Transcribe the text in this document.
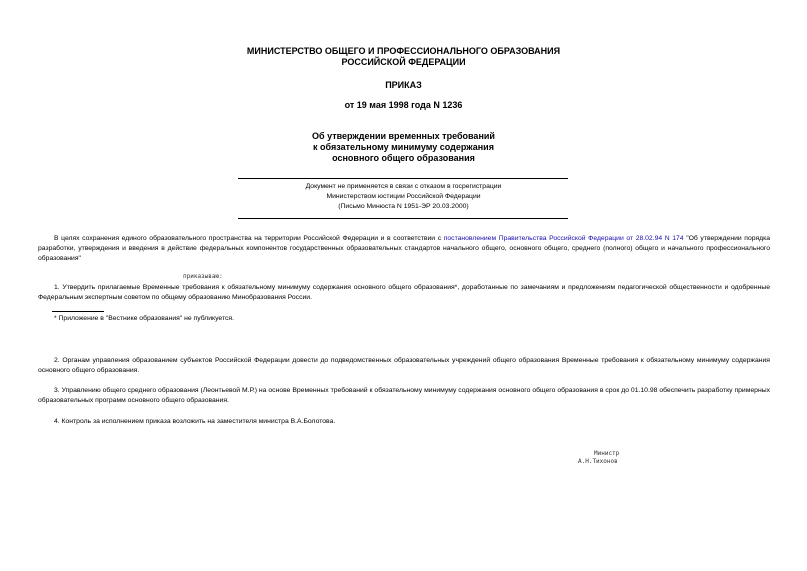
МИНИСТЕРСТВО ОБЩЕГО И ПРОФЕССИОНАЛЬНОГО ОБРАЗОВАНИЯ
РОССИЙСКОЙ ФЕДЕРАЦИИ
ПРИКАЗ
от 19 мая 1998 года N 1236
Об утверждении временных требований
к обязательному минимуму содержания
основного общего образования
Документ не применяется в связи с отказом в госрегистрации
Министерством юстиции Российской Федерации
(Письмо Минюста N 1951-ЭР 20.03.2000)
В целях сохранения единого образовательного пространства на территории Российской Федерации и в соответствии с постановлением Правительства Российской Федерации от 28.02.94 N 174 "Об утверждении порядка разработки, утверждения и введения в действие федеральных компонентов государственных образовательных стандартов начального общего, основного общего, среднего (полного) общего и начального профессионального образования"
приказываю:
1. Утвердить прилагаемые Временные требования к обязательному минимуму содержания основного общего образования*, доработанные по замечаниям и предложениям педагогической общественности и одобренные Федеральным экспертным советом по общему образованию Минобразования России.
* Приложение в "Вестнике образования" не публикуется.
2. Органам управления образованием субъектов Российской Федерации довести до подведомственных образовательных учреждений общего образования Временные требования к обязательному минимуму содержания основного общего образования.
3. Управлению общего среднего образования (Леонтьевой М.Р.) на основе Временных требований к обязательному минимуму содержания основного общего образования в срок до 01.10.98 обеспечить разработку примерных образовательных программ основного общего образования.
4. Контроль за исполнением приказа возложить на заместителя министра В.А.Болотова.
Министр
А.Н.Тихонов
